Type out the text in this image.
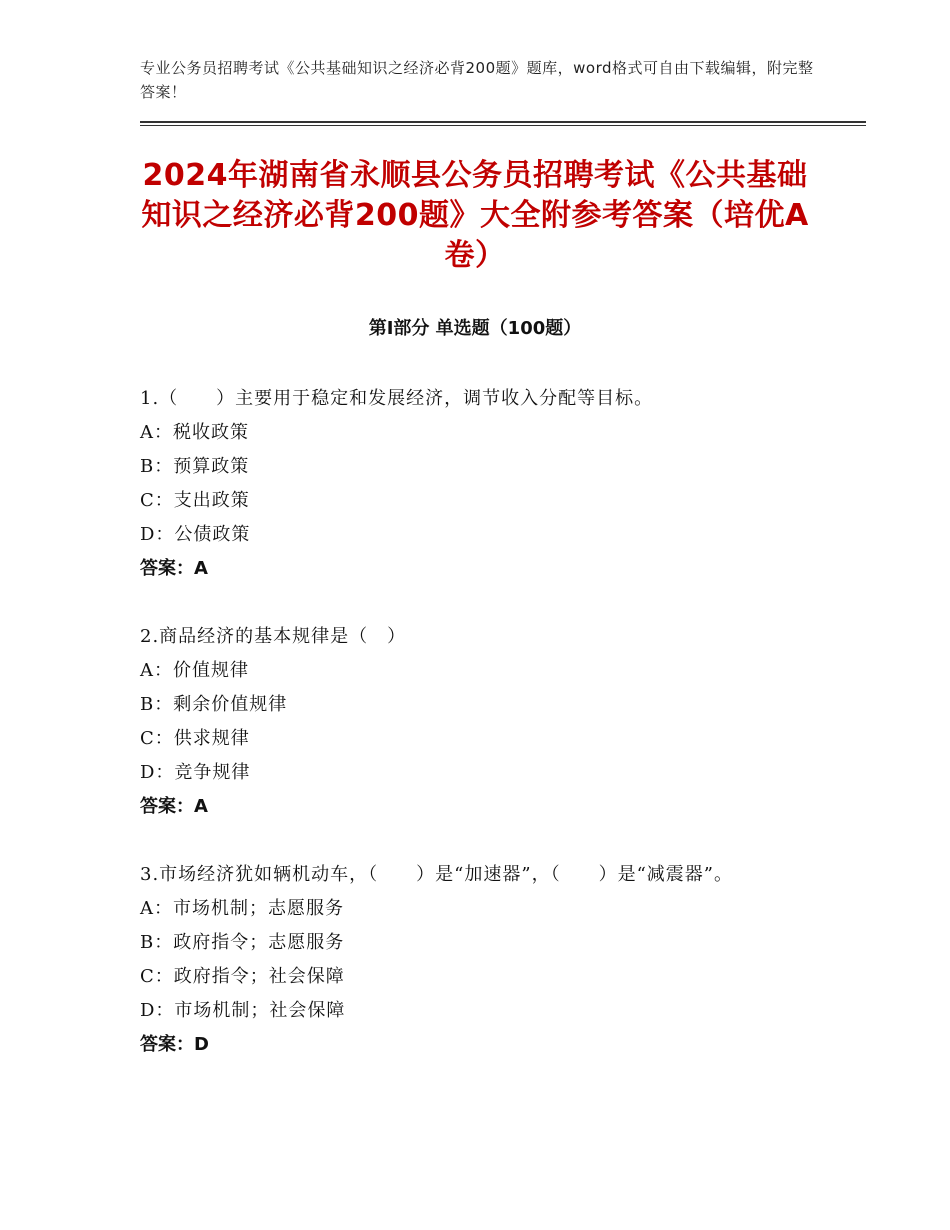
专业公务员招聘考试《公共基础知识之经济必背200题》题库，word格式可自由下载编辑，附完整答案！
2024年湖南省永顺县公务员招聘考试《公共基础知识之经济必背200题》大全附参考答案（培优A卷）
第Ⅰ部分 单选题（100题）
1.（　　）主要用于稳定和发展经济，调节收入分配等目标。
A：税收政策
B：预算政策
C：支出政策
D：公债政策
答案：A
2.商品经济的基本规律是（　）
A：价值规律
B：剩余价值规律
C：供求规律
D：竞争规律
答案：A
3.市场经济犹如辆机动车，（　　）是“加速器”，（　　）是“减震器”。
A：市场机制；志愿服务
B：政府指令；志愿服务
C：政府指令；社会保障
D：市场机制；社会保障
答案：D
